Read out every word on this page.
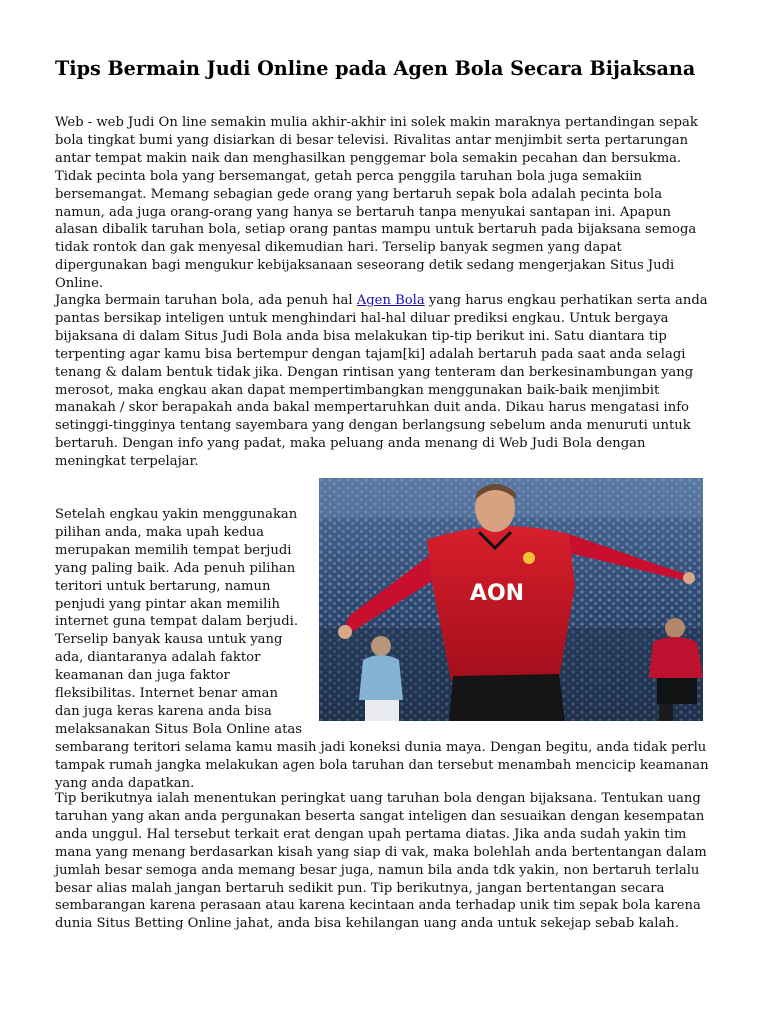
Tips Bermain Judi Online pada Agen Bola Secara Bijaksana

Web - web Judi On line semakin mulia akhir-akhir ini solek makin maraknya pertandingan sepak bola tingkat bumi yang disiarkan di besar televisi. Rivalitas antar menjimbit serta pertarungan antar tempat makin naik dan menghasilkan penggemar bola semakin pecahan dan bersukma. Tidak pecinta bola yang bersemangat, getah perca penggila taruhan bola juga semakiin bersemangat. Memang sebagian gede orang yang bertaruh sepak bola adalah pecinta bola namun, ada juga orang-orang yang hanya se bertaruh tanpa menyukai santapan ini. Apapun alasan dibalik taruhan bola, setiap orang pantas mampu untuk bertaruh pada bijaksana semoga tidak rontok dan gak menyesal dikemudian hari. Terselip banyak segmen yang dapat dipergunakan bagi mengukur kebijaksanaan seseorang detik sedang mengerjakan Situs Judi Online.

Jangka bermain taruhan bola, ada penuh hal Agen Bola yang harus engkau perhatikan serta anda pantas bersikap inteligen untuk menghindari hal-hal diluar prediksi engkau. Untuk bergaya bijaksana di dalam Situs Judi Bola anda bisa melakukan tip-tip berikut ini. Satu diantara tip terpenting agar kamu bisa bertempur dengan tajam[ki] adalah bertaruh pada saat anda selagi tenang & dalam bentuk tidak jika. Dengan rintisan yang tenteram dan berkesinambungan yang merosot, maka engkau akan dapat mempertimbangkan menggunakan baik-baik menjimbit manakah / skor berapakah anda bakal mempertaruhkan duit anda. Dikau harus mengatasi info setinggi-tingginya tentang sayembara yang dengan berlangsung sebelum anda menuruti untuk bertaruh. Dengan info yang padat, maka peluang anda menang di Web Judi Bola dengan meningkat terpelajar.

AON

Setelah engkau yakin menggunakan pilihan anda, maka upah kedua merupakan memilih tempat berjudi yang paling baik. Ada penuh pilihan teritori untuk bertarung, namun penjudi yang pintar akan memilih internet guna tempat dalam berjudi. Terselip banyak kausa untuk yang ada, diantaranya adalah faktor keamanan dan juga faktor fleksibilitas. Internet benar aman dan juga keras karena anda bisa melaksanakan Situs Bola Online atas sembarang teritori selama kamu masih jadi koneksi dunia maya. Dengan begitu, anda tidak perlu tampak rumah jangka melakukan agen bola taruhan dan tersebut menambah mencicip keamanan yang anda dapatkan.

Tip berikutnya ialah menentukan peringkat uang taruhan bola dengan bijaksana. Tentukan uang taruhan yang akan anda pergunakan beserta sangat inteligen dan sesuaikan dengan kesempatan anda unggul. Hal tersebut terkait erat dengan upah pertama diatas. Jika anda sudah yakin tim mana yang menang berdasarkan kisah yang siap di vak, maka bolehlah anda bertentangan dalam jumlah besar semoga anda memang besar juga, namun bila anda tdk yakin, non bertaruh terlalu besar alias malah jangan bertaruh sedikit pun. Tip berikutnya, jangan bertentangan secara sembarangan karena perasaan atau karena kecintaan anda terhadap unik tim sepak bola karena dunia Situs Betting Online jahat, anda bisa kehilangan uang anda untuk sekejap sebab kalah.
